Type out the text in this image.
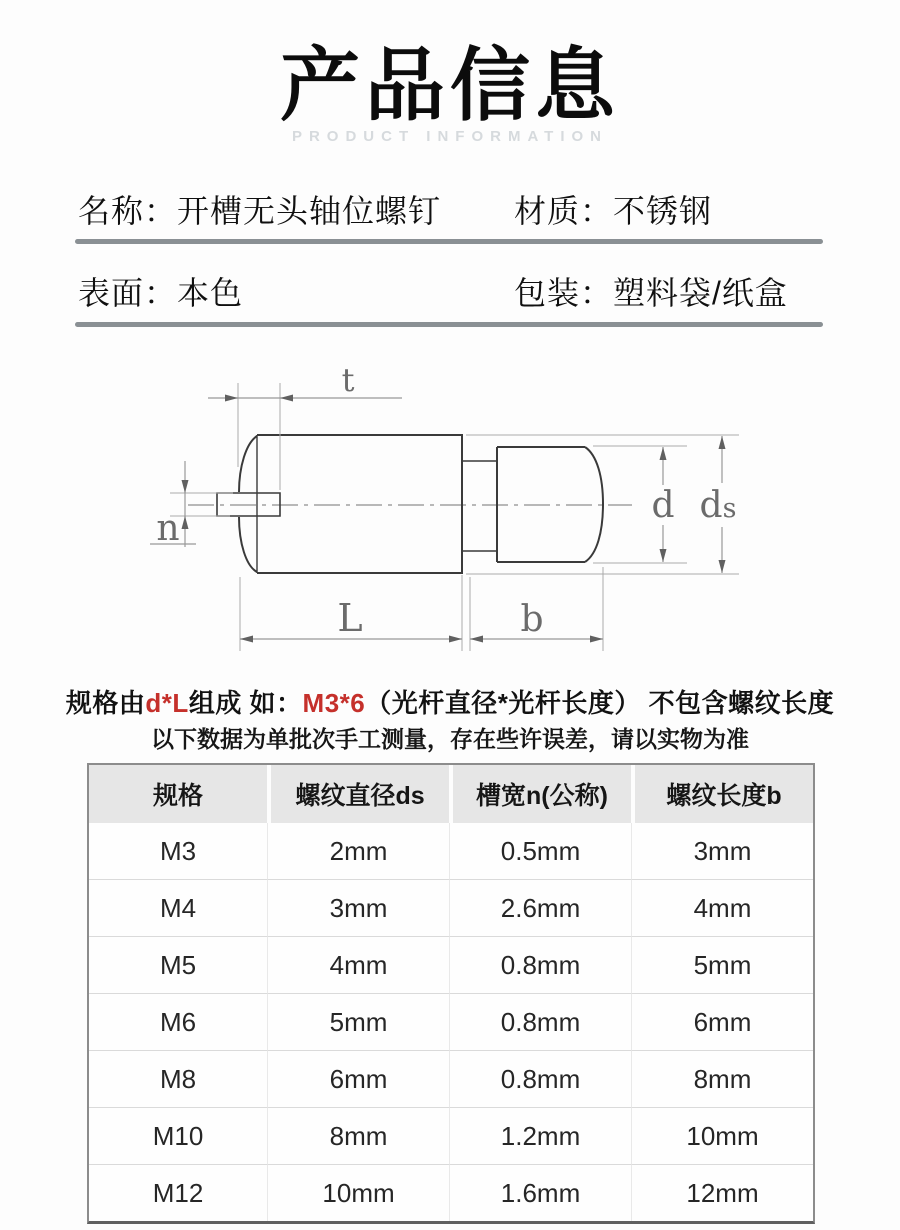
产品信息
PRODUCT INFORMATION
名称：开槽无头轴位螺钉 材质：不锈钢
表面：本色	包装：塑料袋/纸盒
t
n
d ds
L	b
规格由d*L组成 如：M3*6（光杆直径*光杆长度） 不包含螺纹长度
以下数据为单批次手工测量，存在些许误差，请以实物为准
规格	螺纹直径ds	槽宽n(公称)	螺纹长度b
M3	2mm	0.5mm	3mm
M4	3mm	2.6mm	4mm
M5	4mm	0.8mm	5mm
M6	5mm	0.8mm	6mm
M8	6mm	0.8mm	8mm
M10	8mm	1.2mm	10mm
M12	10mm	1.6mm	12mm
